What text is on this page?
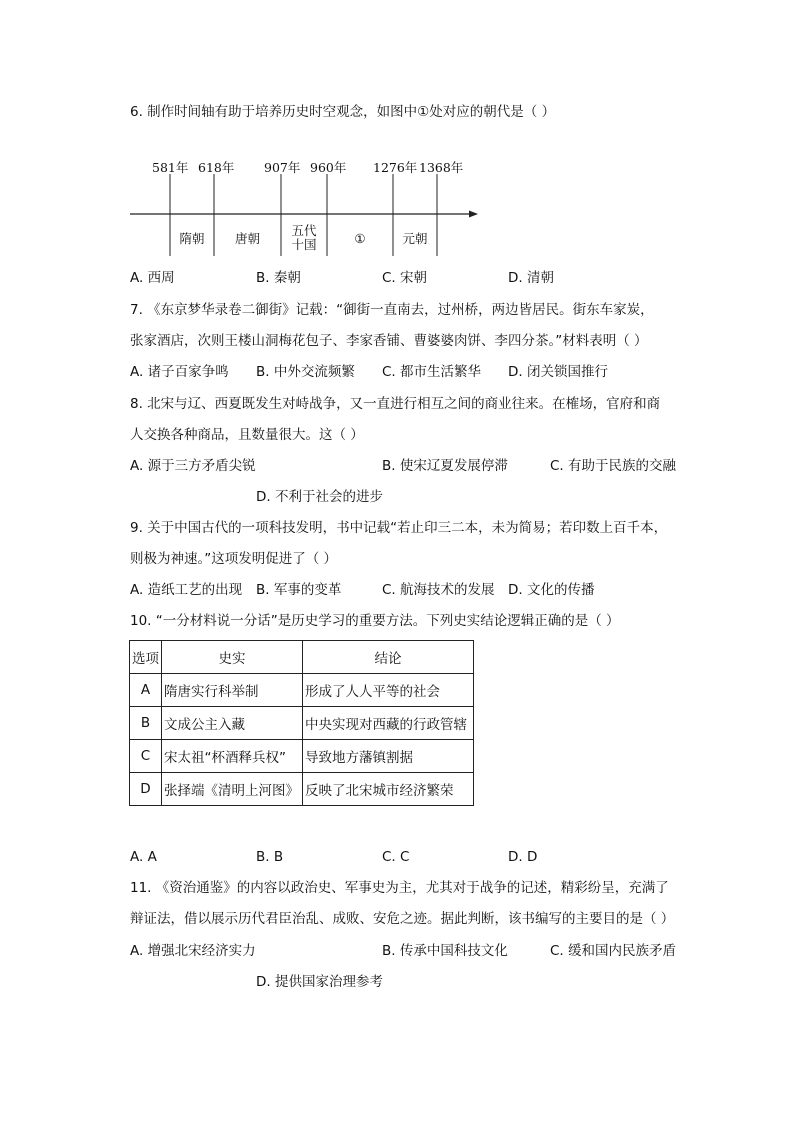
6. 制作时间轴有助于培养历史时空观念，如图中①处对应的朝代是（ ）
581年 618年 907年 960年 1276年 1368年
隋朝	唐朝
五代
十国	①	元朝
A. 西周	B. 秦朝	C. 宋朝	D. 清朝
7. 《东京梦华录卷二御街》记载：“御街一直南去，过州桥，两边皆居民。街东车家炭，
张家酒店，次则王楼山洞梅花包子、李家香铺、曹婆婆肉饼、李四分茶。”材料表明（ ）
A. 诸子百家争鸣 B. 中外交流频繁 C. 都市生活繁华 D. 闭关锁国推行
8. 北宋与辽、西夏既发生对峙战争，又一直进行相互之间的商业往来。在榷场，官府和商
人交换各种商品，且数量很大。这（ ）
A. 源于三方矛盾尖锐	B. 使宋辽夏发展停滞	C. 有助于民族的交融
D. 不利于社会的进步
9. 关于中国古代的一项科技发明，书中记载“若止印三二本，未为简易；若印数上百千本，
则极为神速。”这项发明促进了（ ）
A. 造纸工艺的出现 B. 军事的变革	C. 航海技术的发展 D. 文化的传播
10. “一分材料说一分话”是历史学习的重要方法。下列史实结论逻辑正确的是（ ）
选项	史实	结论
A	隋唐实行科举制	形成了人人平等的社会
B	文成公主入藏	中央实现对西藏的行政管辖
C	宋太祖“杯酒释兵权”	导致地方藩镇割据
D	张择端《清明上河图》	反映了北宋城市经济繁荣
A. A	B. B	C. C	D. D
11. 《资治通鉴》的内容以政治史、军事史为主，尤其对于战争的记述，精彩纷呈，充满了
辩证法，借以展示历代君臣治乱、成败、安危之迹。据此判断，该书编写的主要目的是（ ）
A. 增强北宋经济实力	B. 传承中国科技文化	C. 缓和国内民族矛盾
D. 提供国家治理参考
